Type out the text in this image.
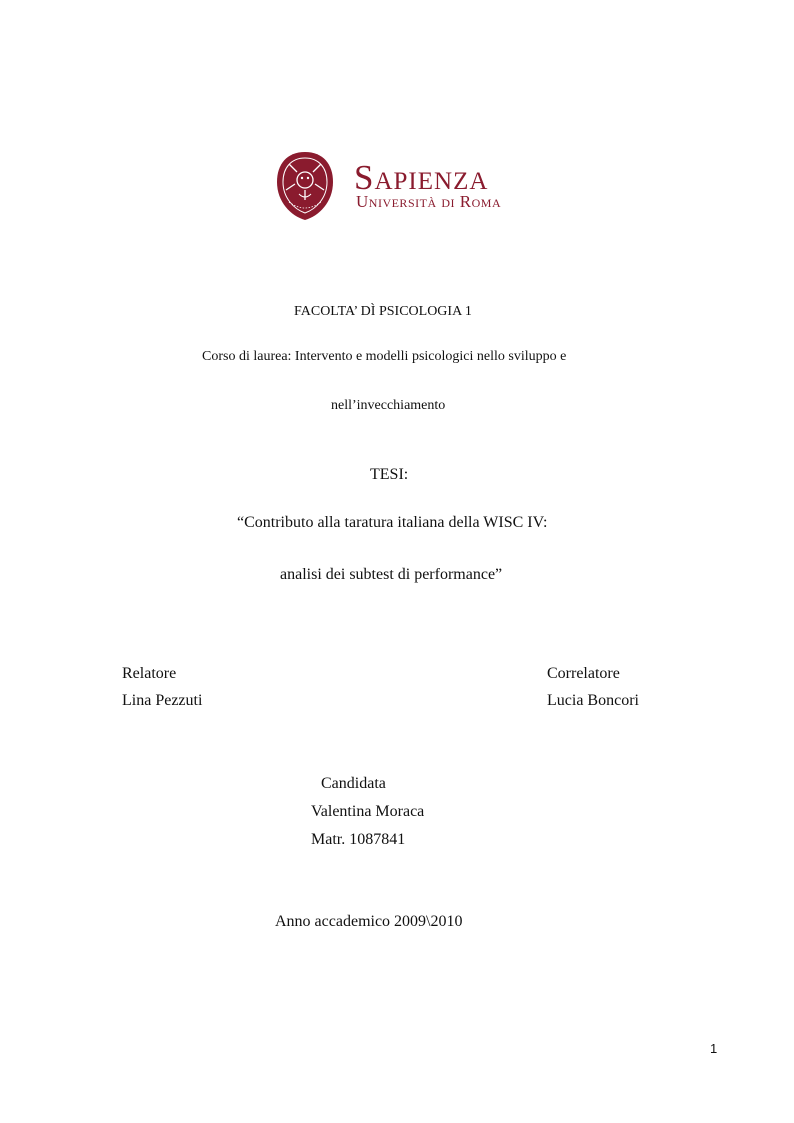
Sapienza
Università di Roma
FACOLTA’ DÌ PSICOLOGIA 1
Corso di laurea: Intervento e modelli psicologici nello sviluppo e
nell’invecchiamento
TESI:
“Contributo alla taratura italiana della WISC IV:
analisi dei subtest di performance”
Relatore
Lina Pezzuti
Correlatore
Lucia Boncori
Candidata
Valentina Moraca
Matr. 1087841
Anno accademico 2009\2010
1
